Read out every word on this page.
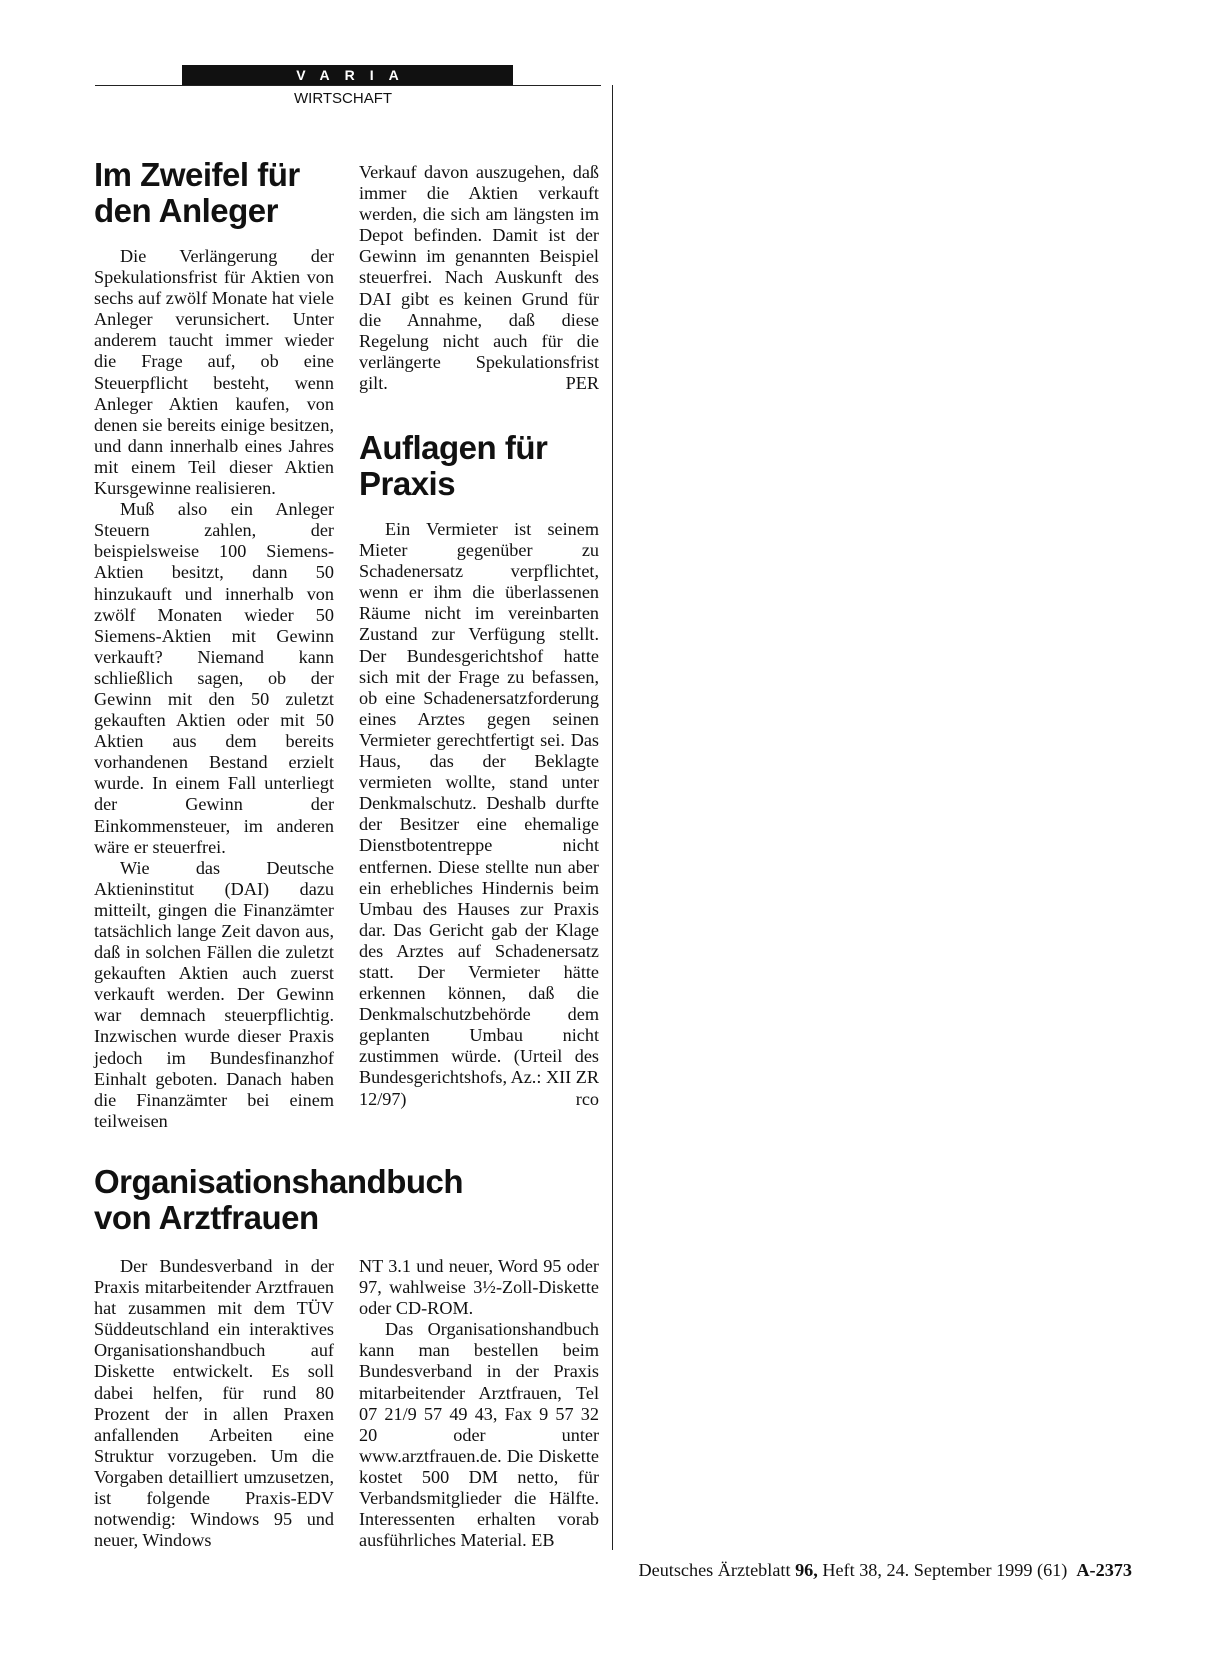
VARIA
WIRTSCHAFT
Im Zweifel für den Anleger

Die Verlängerung der Spekulationsfrist für Aktien von sechs auf zwölf Monate hat viele Anleger verunsichert. Unter anderem taucht immer wieder die Frage auf, ob eine Steuerpflicht besteht, wenn Anleger Aktien kaufen, von denen sie bereits einige besitzen, und dann innerhalb eines Jahres mit einem Teil dieser Aktien Kursgewinne realisieren.

Muß also ein Anleger Steuern zahlen, der beispielsweise 100 Siemens-Aktien besitzt, dann 50 hinzukauft und innerhalb von zwölf Monaten wieder 50 Siemens-Aktien mit Gewinn verkauft? Niemand kann schließlich sagen, ob der Gewinn mit den 50 zuletzt gekauften Aktien oder mit 50 Aktien aus dem bereits vorhandenen Bestand erzielt wurde. In einem Fall unterliegt der Gewinn der Einkommensteuer, im anderen wäre er steuerfrei.

Wie das Deutsche Aktieninstitut (DAI) dazu mitteilt, gingen die Finanzämter tatsächlich lange Zeit davon aus, daß in solchen Fällen die zuletzt gekauften Aktien auch zuerst verkauft werden. Der Gewinn war demnach steuerpflichtig. Inzwischen wurde dieser Praxis jedoch im Bundesfinanzhof Einhalt geboten. Danach haben die Finanzämter bei einem teilweisen

Verkauf davon auszugehen, daß immer die Aktien verkauft werden, die sich am längsten im Depot befinden. Damit ist der Gewinn im genannten Beispiel steuerfrei. Nach Auskunft des DAI gibt es keinen Grund für die Annahme, daß diese Regelung nicht auch für die verlängerte Spekulationsfrist gilt.	PER

Auflagen für Praxis

Ein Vermieter ist seinem Mieter gegenüber zu Schadenersatz verpflichtet, wenn er ihm die überlassenen Räume nicht im vereinbarten Zustand zur Verfügung stellt. Der Bundesgerichtshof hatte sich mit der Frage zu befassen, ob eine Schadenersatzforderung eines Arztes gegen seinen Vermieter gerechtfertigt sei. Das Haus, das der Beklagte vermieten wollte, stand unter Denkmalschutz. Deshalb durfte der Besitzer eine ehemalige Dienstbotentreppe nicht entfernen. Diese stellte nun aber ein erhebliches Hindernis beim Umbau des Hauses zur Praxis dar. Das Gericht gab der Klage des Arztes auf Schadenersatz statt. Der Vermieter hätte erkennen können, daß die Denkmalschutzbehörde dem geplanten Umbau nicht zustimmen würde. (Urteil des Bundesgerichtshofs, Az.: XII ZR 12/97)	rco

Organisationshandbuch von Arztfrauen

Der Bundesverband in der Praxis mitarbeitender Arztfrauen hat zusammen mit dem TÜV Süddeutschland ein interaktives Organisationshandbuch auf Diskette entwickelt. Es soll dabei helfen, für rund 80 Prozent der in allen Praxen anfallenden Arbeiten eine Struktur vorzugeben. Um die Vorgaben detailliert umzusetzen, ist folgende Praxis-EDV notwendig: Windows 95 und neuer, Windows

NT 3.1 und neuer, Word 95 oder 97, wahlweise 3½-Zoll-Diskette oder CD-ROM.

Das Organisationshandbuch kann man bestellen beim Bundesverband in der Praxis mitarbeitender Arztfrauen, Tel 07 21/9 57 49 43, Fax 9 57 32 20 oder unter www.arztfrauen.de. Die Diskette kostet 500 DM netto, für Verbandsmitglieder die Hälfte. Interessenten erhalten vorab ausführliches Material. EB

Deutsches Ärzteblatt 96, Heft 38, 24. September 1999 (61) A-2373
